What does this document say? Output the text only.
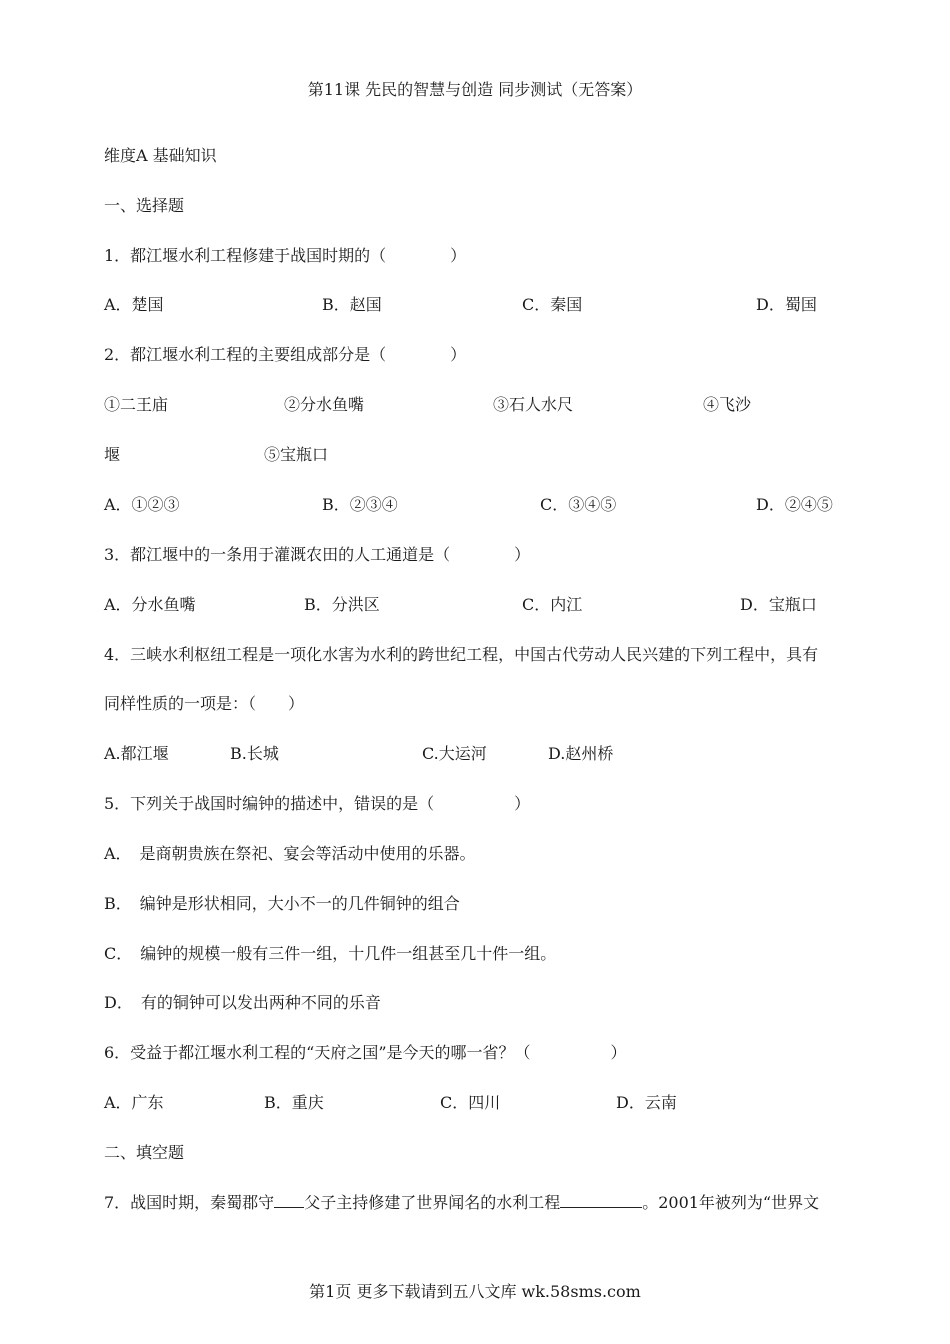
第11课 先民的智慧与创造 同步测试（无答案）
维度A 基础知识
一、选择题
1．都江堰水利工程修建于战国时期的（　　　　）
A．楚国	B．赵国	C．秦国	D．蜀国
2．都江堰水利工程的主要组成部分是（　　　　）
①二王庙	②分水鱼嘴	③石人水尺	④飞沙
堰	⑤宝瓶口
A．①②③	B．②③④	C．③④⑤	D．②④⑤
3．都江堰中的一条用于灌溉农田的人工通道是（　　　　）
A．分水鱼嘴	B．分洪区	C．内江	D．宝瓶口
4．三峡水利枢纽工程是一项化水害为水利的跨世纪工程，中国古代劳动人民兴建的下列工程中，具有
同样性质的一项是：（　　）
A.都江堰	B.长城	C.大运河	D.赵州桥
5．下列关于战国时编钟的描述中，错误的是（　　　　　）
A．　是商朝贵族在祭祀、宴会等活动中使用的乐器。
B．　编钟是形状相同，大小不一的几件铜钟的组合
C．　编钟的规模一般有三件一组，十几件一组甚至几十件一组。
D．　有的铜钟可以发出两种不同的乐音
6．受益于都江堰水利工程的“天府之国”是今天的哪一省？（　　　　　）
A．广东	B．重庆	C．四川	D．云南
二、填空题
7．战国时期，秦蜀郡守 父子主持修建了世界闻名的水利工程	。2001年被列为“世界文
第1页 更多下载请到五八文库 wk.58sms.com
